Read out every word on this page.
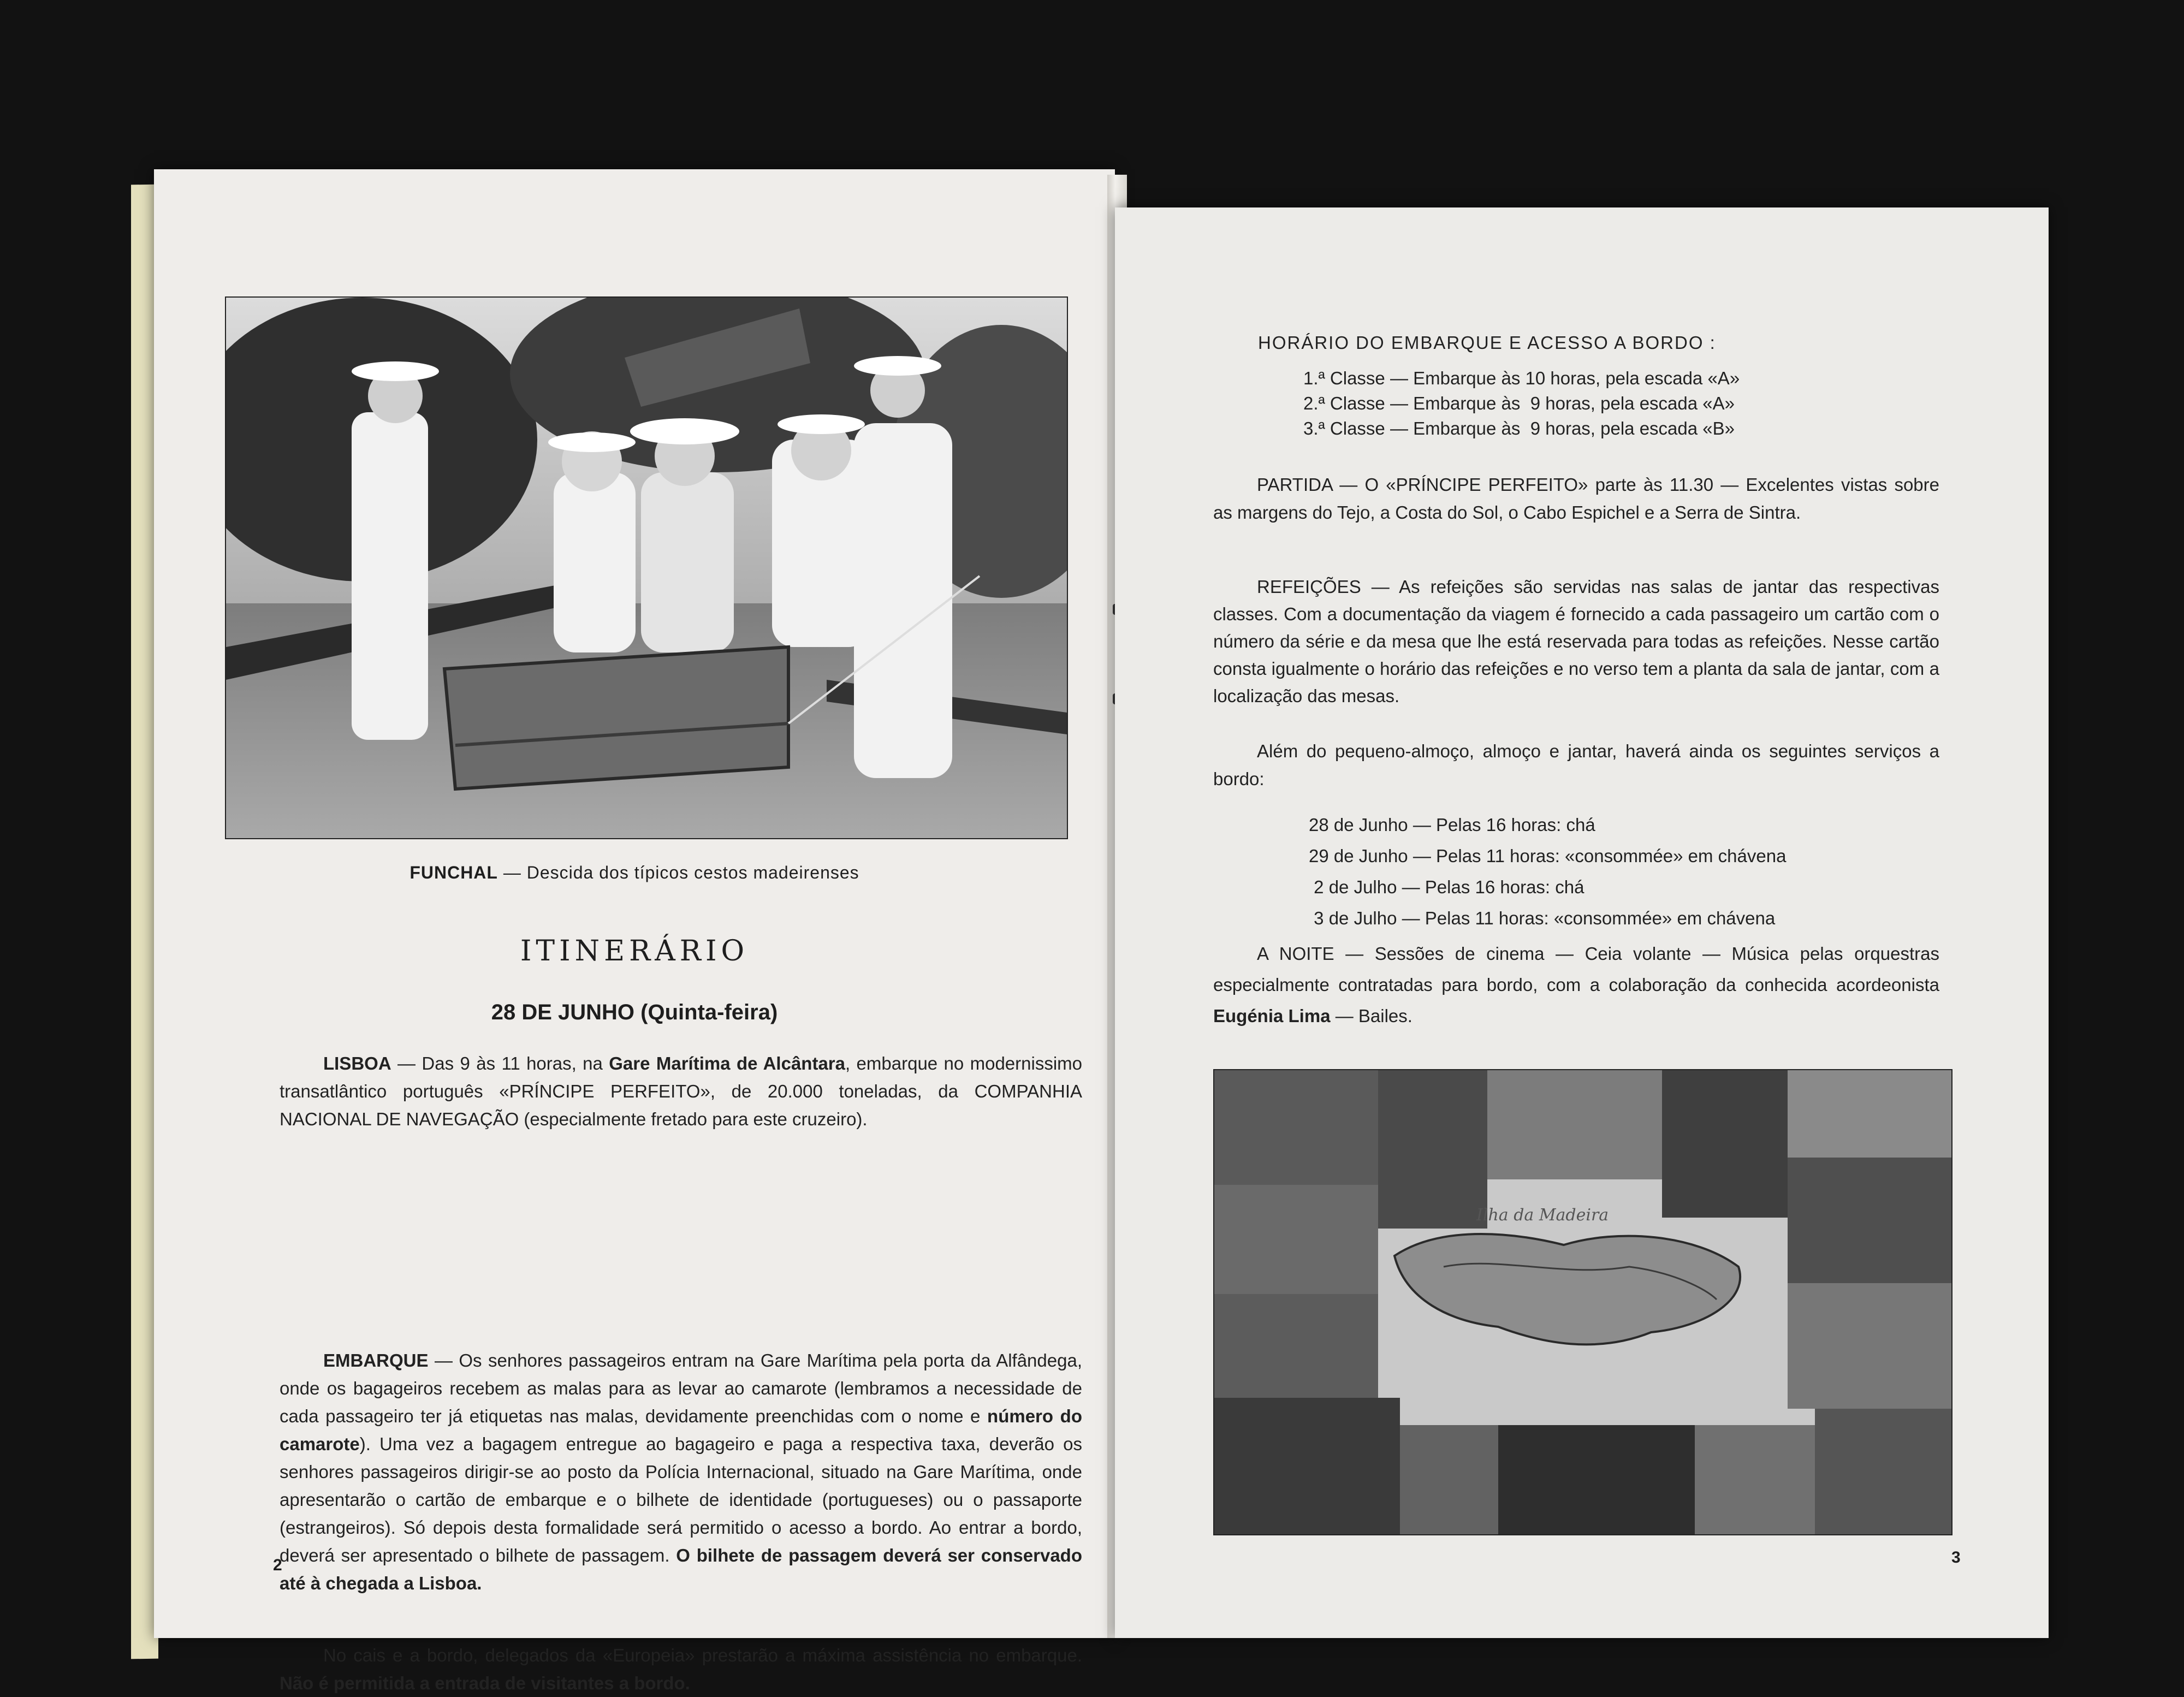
FUNCHAL — Descida dos típicos cestos madeirenses
ITINERÁRIO
28 DE JUNHO (Quinta-feira)
LISBOA — Das 9 às 11 horas, na Gare Marítima de Alcântara, embarque no modernissimo transatlântico português «PRÍNCIPE PERFEITO», de 20.000 toneladas, da COMPANHIA NACIONAL DE NAVEGAÇÃO (especialmente fretado para este cruzeiro).
EMBARQUE — Os senhores passageiros entram na Gare Marítima pela porta da Alfândega, onde os bagageiros recebem as malas para as levar ao camarote (lembramos a necessidade de cada passageiro ter já etiquetas nas malas, devidamente preenchidas com o nome e número do camarote). Uma vez a bagagem entregue ao bagageiro e paga a respectiva taxa, deverão os senhores passageiros dirigir-se ao posto da Polícia Internacional, situado na Gare Marítima, onde apresentarão o cartão de embarque e o bilhete de identidade (portugueses) ou o passaporte (estrangeiros). Só depois desta formalidade será permitido o acesso a bordo. Ao entrar a bordo, deverá ser apresentado o bilhete de passagem. O bilhete de passagem deverá ser conservado até à chegada a Lisboa.
No cais e a bordo, delegados da «Europeia» prestarão a máxima assistência no embarque. Não é permitida a entrada de visitantes a bordo.
2
HORÁRIO DO EMBARQUE E ACESSO A BORDO :
1.ª Classe — Embarque às 10 horas, pela escada «A»
2.ª Classe — Embarque às  9 horas, pela escada «A»
3.ª Classe — Embarque às  9 horas, pela escada «B»
PARTIDA — O «PRÍNCIPE PERFEITO» parte às 11.30 — Excelentes vistas sobre as margens do Tejo, a Costa do Sol, o Cabo Espichel e a Serra de Sintra.
REFEIÇÕES — As refeições são servidas nas salas de jantar das respectivas classes. Com a documentação da viagem é fornecido a cada passageiro um cartão com o número da série e da mesa que lhe está reservada para todas as refeições. Nesse cartão consta igualmente o horário das refeições e no verso tem a planta da sala de jantar, com a localização das mesas.
Além do pequeno-almoço, almoço e jantar, haverá ainda os seguintes serviços a bordo:
28 de Junho — Pelas 16 horas: chá
29 de Junho — Pelas 11 horas: «consommée» em chávena
2 de Julho — Pelas 16 horas: chá
3 de Julho — Pelas 11 horas: «consommée» em chávena
A NOITE — Sessões de cinema — Ceia volante — Música pelas orquestras especialmente contratadas para bordo, com a colaboração da conhecida acordeonista Eugénia Lima — Bailes.
Ilha da Madeira
3
